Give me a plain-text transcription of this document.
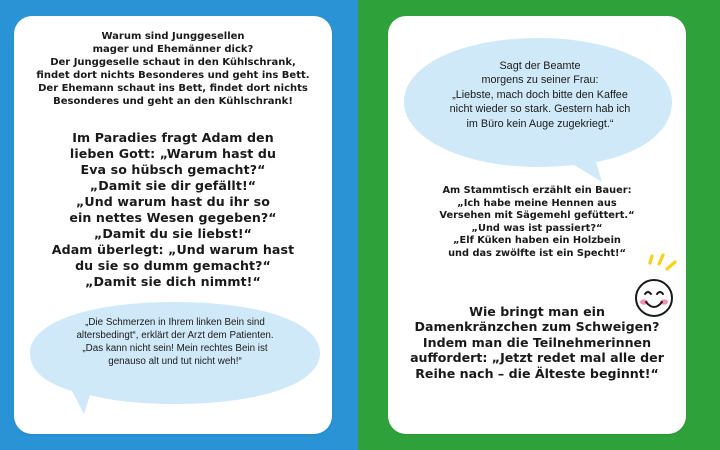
Warum sind Junggesellen
mager und Ehemänner dick?
Der Junggeselle schaut in den Kühlschrank,
findet dort nichts Besonderes und geht ins Bett.
Der Ehemann schaut ins Bett, findet dort nichts
Besonderes und geht an den Kühlschrank!

Im Paradies fragt Adam den
lieben Gott: „Warum hast du
Eva so hübsch gemacht?“
„Damit sie dir gefällt!“
„Und warum hast du ihr so
ein nettes Wesen gegeben?“
„Damit du sie liebst!“
Adam überlegt: „Und warum hast
du sie so dumm gemacht?“
„Damit sie dich nimmt!“

„Die Schmerzen in Ihrem linken Bein sind
altersbedingt“, erklärt der Arzt dem Patienten.
„Das kann nicht sein! Mein rechtes Bein ist
genauso alt und tut nicht weh!“

Sagt der Beamte
morgens zu seiner Frau:
„Liebste, mach doch bitte den Kaffee
nicht wieder so stark. Gestern hab ich
im Büro kein Auge zugekriegt.“

Am Stammtisch erzählt ein Bauer:
„Ich habe meine Hennen aus
Versehen mit Sägemehl gefüttert.“
„Und was ist passiert?“
„Elf Küken haben ein Holzbein
und das zwölfte ist ein Specht!“

Wie bringt man ein
Damenkränzchen zum Schweigen?
Indem man die Teilnehmerinnen
auffordert: „Jetzt redet mal alle der
Reihe nach – die Älteste beginnt!“
